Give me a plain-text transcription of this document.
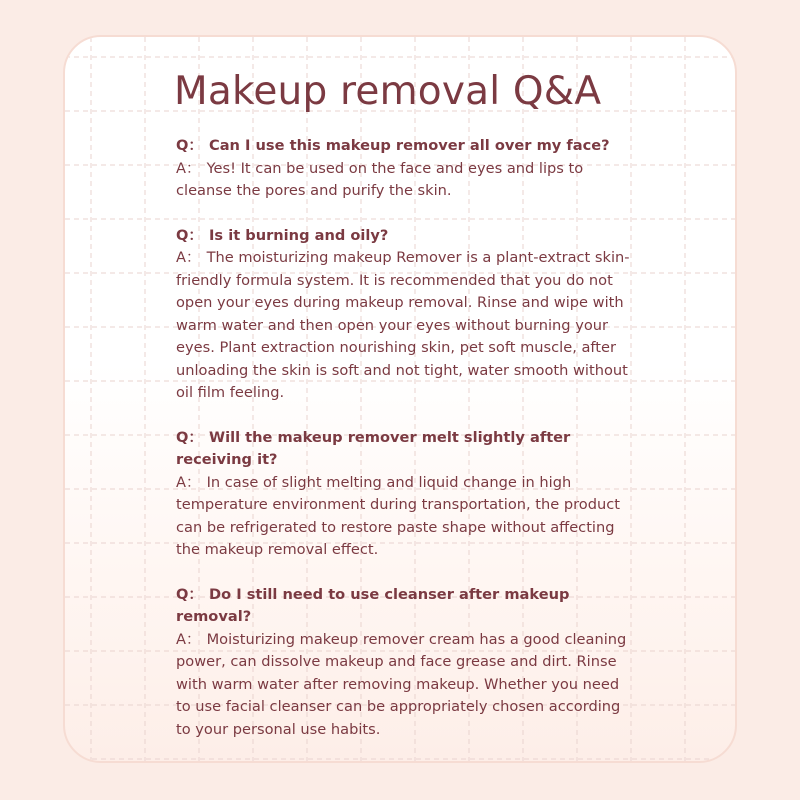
Makeup removal Q&A
Q： Can I use this makeup remover all over my face?
A： Yes! It can be used on the face and eyes and lips to cleanse the pores and purify the skin.
Q： Is it burning and oily?
A： The moisturizing makeup Remover is a plant-extract skin-friendly formula system. It is recommended that you do not open your eyes during makeup removal. Rinse and wipe with warm water and then open your eyes without burning your eyes. Plant extraction nourishing skin, pet soft muscle, after unloading the skin is soft and not tight, water smooth without oil film feeling.
Q： Will the makeup remover melt slightly after receiving it?
A： In case of slight melting and liquid change in high temperature environment during transportation, the product can be refrigerated to restore paste shape without affecting the makeup removal effect.
Q： Do I still need to use cleanser after makeup removal?
A： Moisturizing makeup remover cream has a good cleaning power, can dissolve makeup and face grease and dirt. Rinse with warm water after removing makeup. Whether you need to use facial cleanser can be appropriately chosen according to your personal use habits.
